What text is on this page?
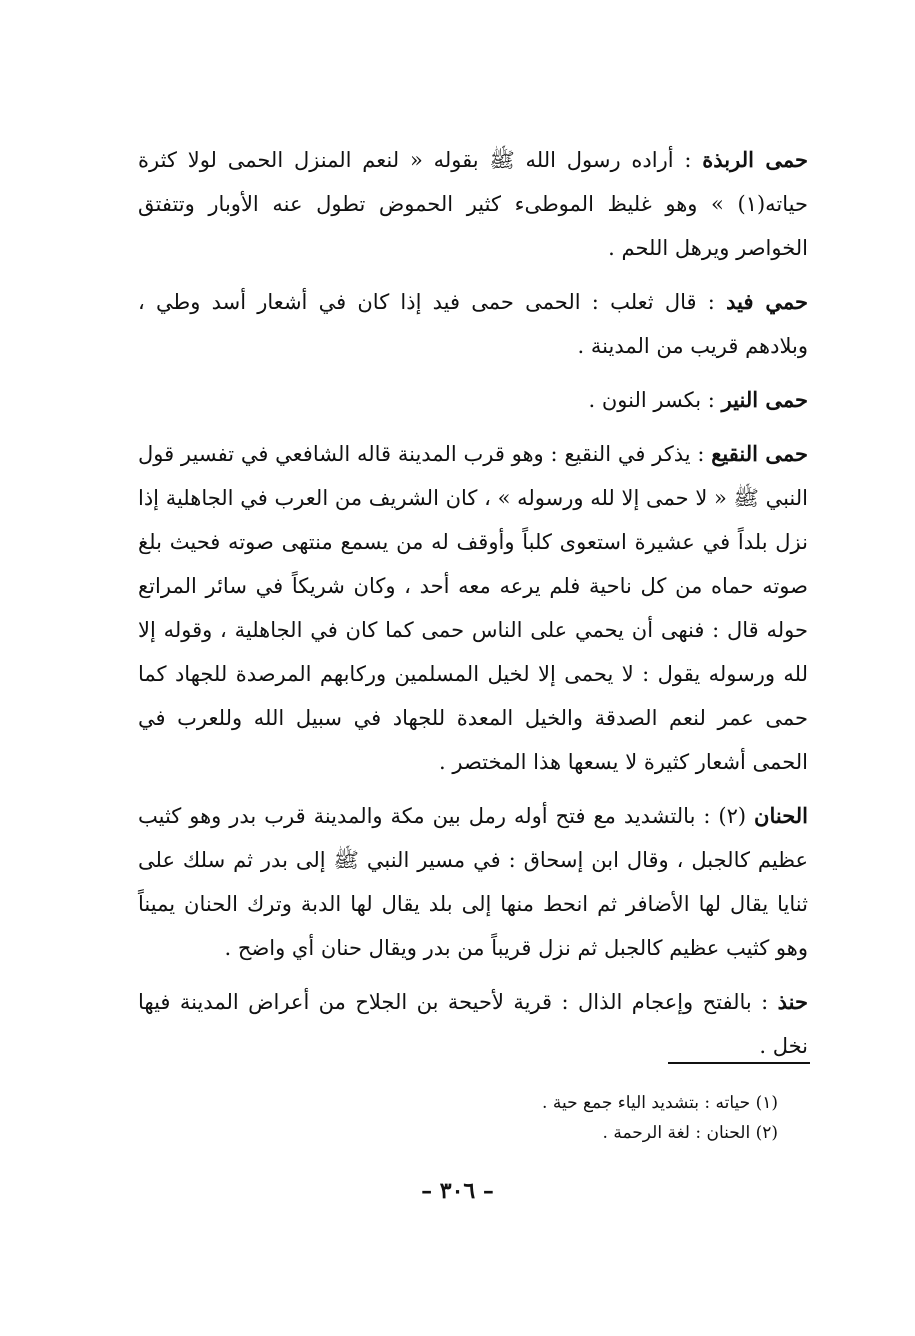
حمى الربذة : أراده رسول الله ﷺ بقوله « لنعم المنزل الحمى لولا كثرة حياته(١) » وهو غليظ الموطىء كثير الحموض تطول عنه الأوبار وتتفتق الخواصر ويرهل اللحم .

حمي فيد : قال ثعلب : الحمى حمى فيد إذا كان في أشعار أسد وطي ، وبلادهم قريب من المدينة .

حمى النير : بكسر النون .

حمى النقيع : يذكر في النقيع : وهو قرب المدينة قاله الشافعي في تفسير قول النبي ﷺ « لا حمى إلا لله ورسوله » ، كان الشريف من العرب في الجاهلية إذا نزل بلداً في عشيرة استعوى كلباً وأوقف له من يسمع منتهى صوته فحيث بلغ صوته حماه من كل ناحية فلم يرعه معه أحد ، وكان شريكاً في سائر المراتع حوله قال : فنهى أن يحمي على الناس حمى كما كان في الجاهلية ، وقوله إلا لله ورسوله يقول : لا يحمى إلا لخيل المسلمين وركابهم المرصدة للجهاد كما حمى عمر لنعم الصدقة والخيل المعدة للجهاد في سبيل الله وللعرب في الحمى أشعار كثيرة لا يسعها هذا المختصر .

الحنان (٢) : بالتشديد مع فتح أوله رمل بين مكة والمدينة قرب بدر وهو كثيب عظيم كالجبل ، وقال ابن إسحاق : في مسير النبي ﷺ إلى بدر ثم سلك على ثنايا يقال لها الأضافر ثم انحط منها إلى بلد يقال لها الدبة وترك الحنان يميناً وهو كثيب عظيم كالجبل ثم نزل قريباً من بدر ويقال حنان أي واضح .

حنذ : بالفتح وإعجام الذال : قرية لأحيحة بن الجلاح من أعراض المدينة فيها نخل .

(١) حياته : بتشديد الياء جمع حية .
(٢) الحنان : لغة الرحمة .
– ٣٠٦ –
